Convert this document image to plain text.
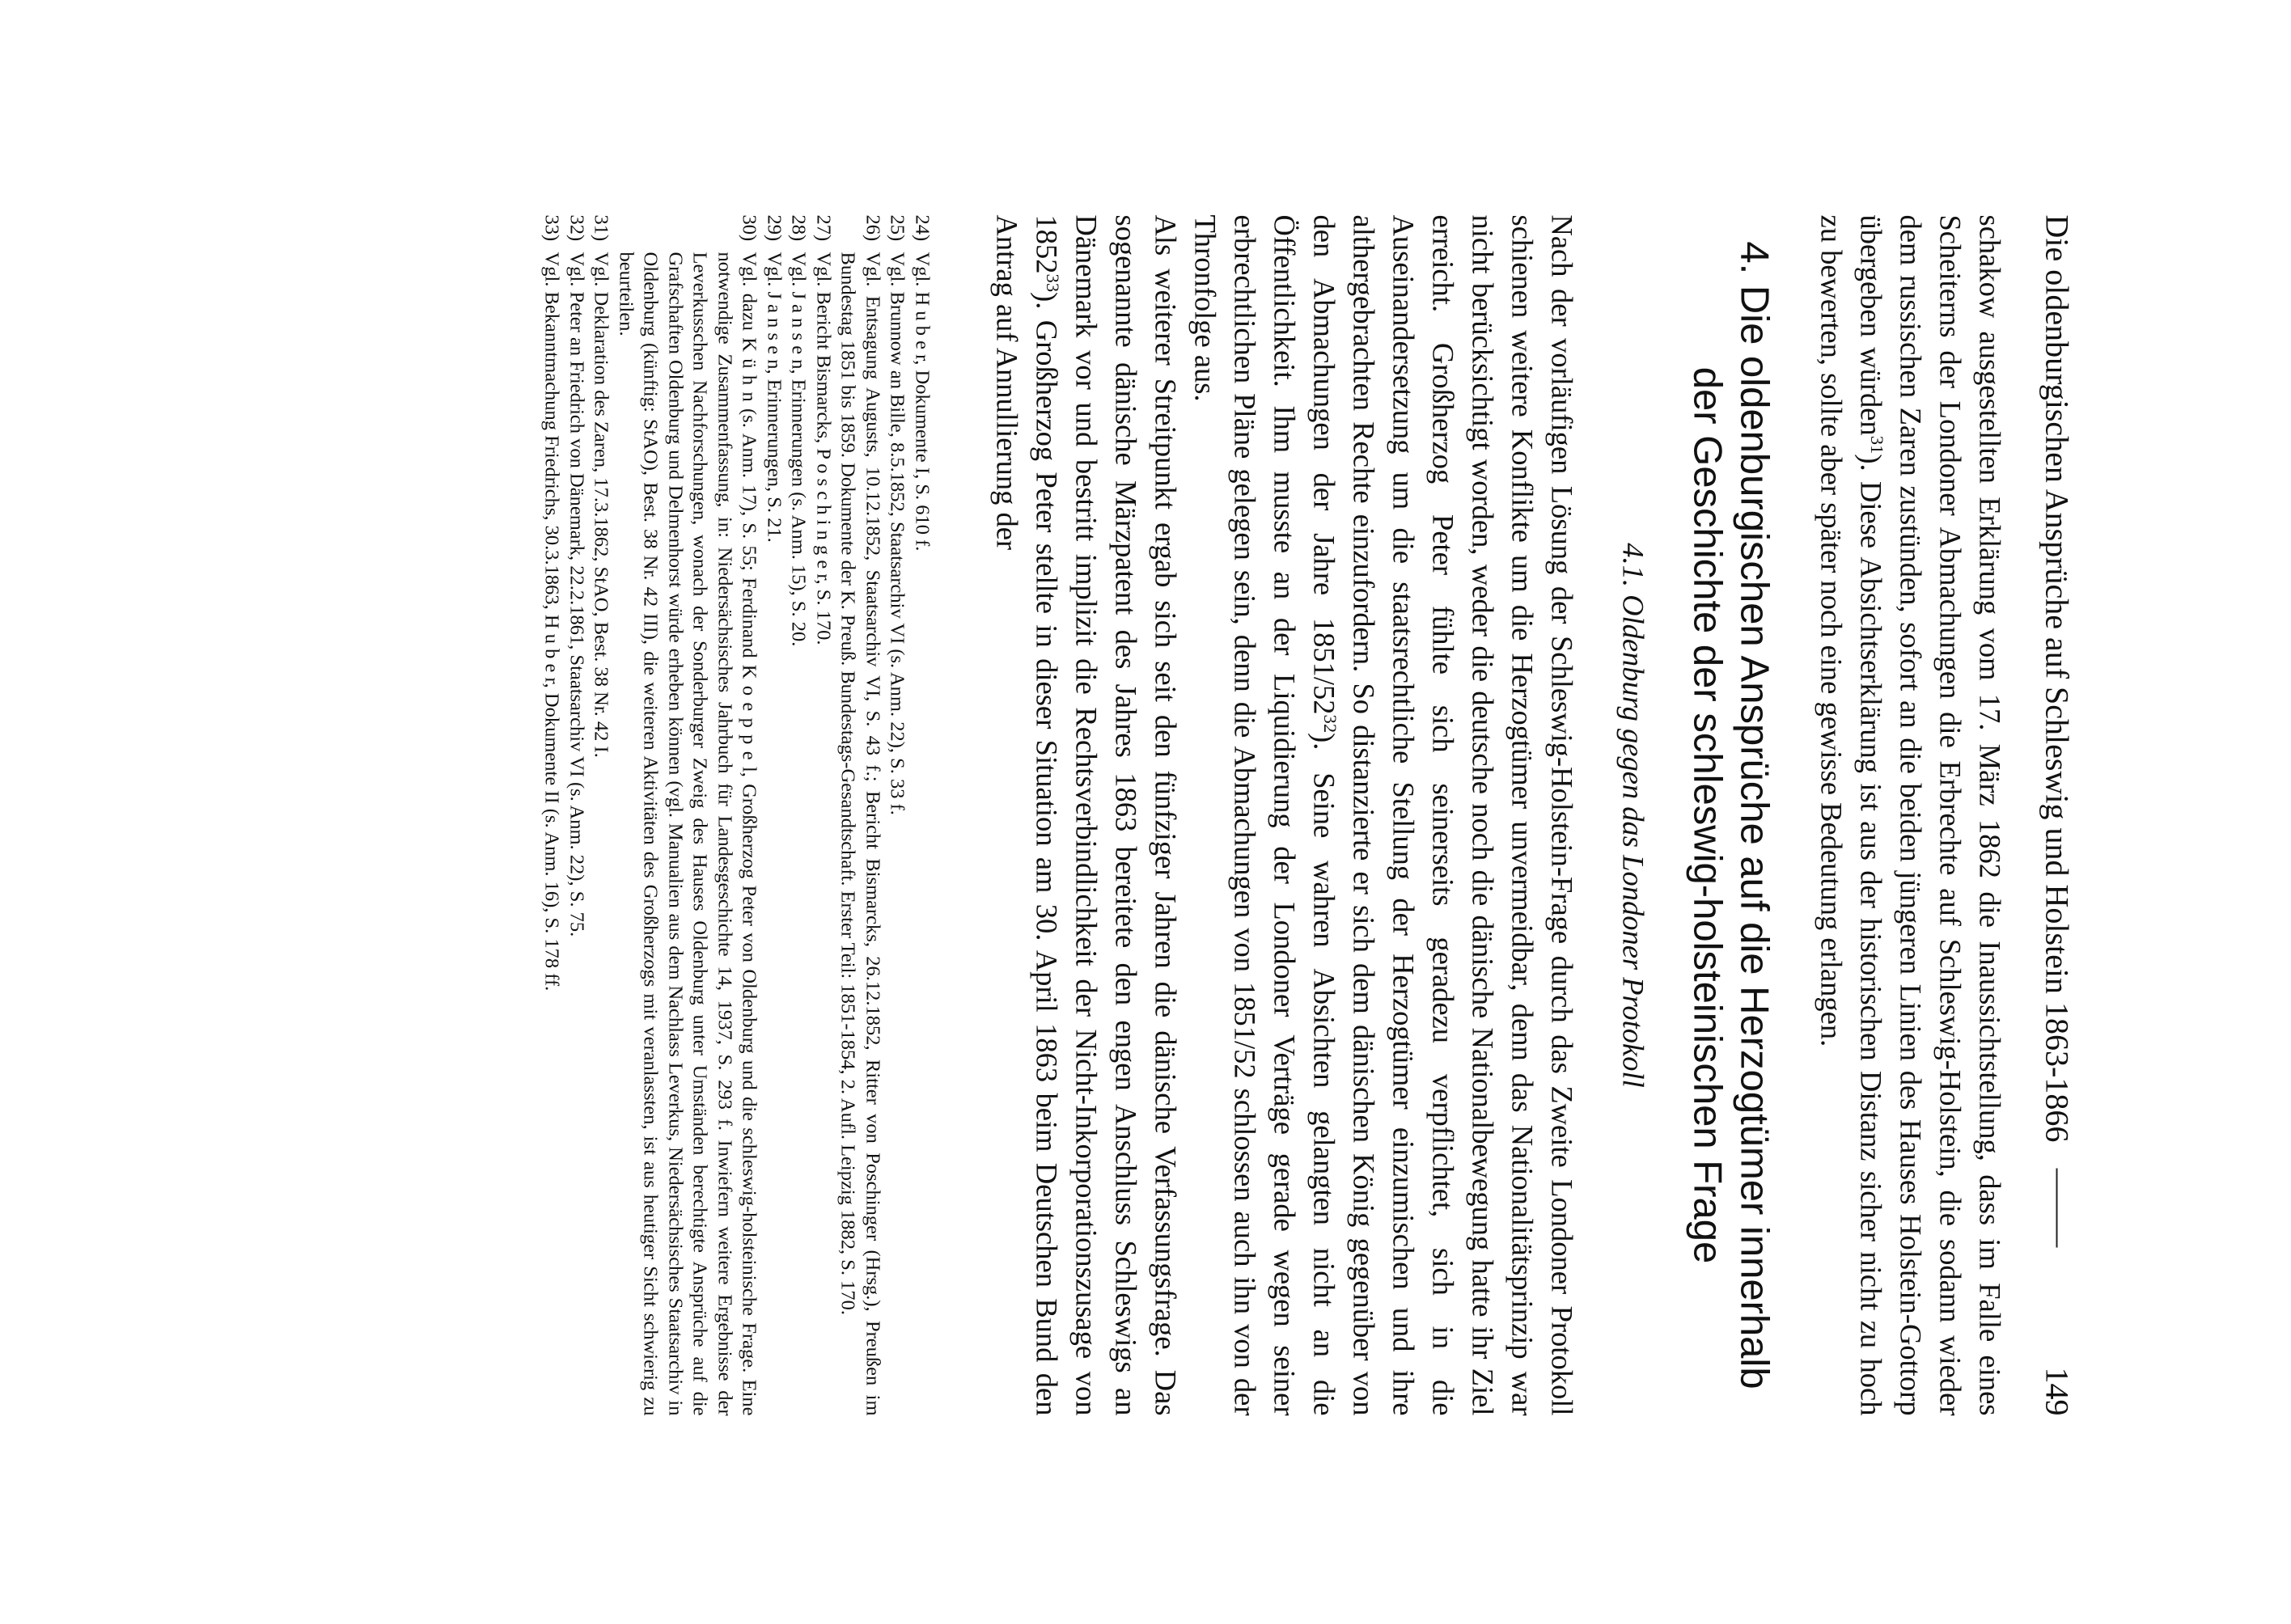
Die oldenburgischen Ansprüche auf Schleswig und Holstein 1863-1866
149

schakow ausgestellten Erklärung vom 17. März 1862 die Inaussichtstellung, dass im Falle eines Scheiterns der Londoner Abmachungen die Erbrechte auf Schleswig-Holstein, die sodann wieder dem russischen Zaren zustünden, sofort an die beiden jüngeren Linien des Hauses Holstein-Gottorp übergeben würden$^{31}$). Diese Absichtserklärung ist aus der historischen Distanz sicher nicht zu hoch zu bewerten, sollte aber später noch eine gewisse Bedeutung erlangen.

4. Die oldenburgischen Ansprüche auf die Herzogtümer innerhalb
der Geschichte der schleswig-holsteinischen Frage
4.1. Oldenburg gegen das Londoner Protokoll

Nach der vorläufigen Lösung der Schleswig-Holstein-Frage durch das Zweite Londoner Protokoll schienen weitere Konflikte um die Herzogtümer unvermeidbar, denn das Nationalitätsprinzip war nicht berücksichtigt worden, weder die deutsche noch die dänische Nationalbewegung hatte ihr Ziel erreicht. Großherzog Peter fühlte sich seinerseits geradezu verpflichtet, sich in die Auseinandersetzung um die staatsrechtliche Stellung der Herzogtümer einzumischen und ihre althergebrachten Rechte einzufordern. So distanzierte er sich dem dänischen König gegenüber von den Abmachungen der Jahre $1851/52^{32}$). Seine wahren Absichten gelangten nicht an die Öffentlichkeit. Ihm musste an der Liquidierung der Londoner Verträge gerade wegen seiner erbrechtlichen Pläne gelegen sein, denn die Abmachungen von 1851/52 schlossen auch ihn von der Thronfolge aus.

Als weiterer Streitpunkt ergab sich seit den fünfziger Jahren die dänische Verfassungsfrage. Das sogenannte dänische Märzpatent des Jahres 1863 bereitete den engen Anschluss Schleswigs an Dänemark vor und bestritt implizit die Rechtsverbindlichkeit der Nicht-Inkorporationszusage von 1852$^{33}$). Großherzog Peter stellte in dieser Situation am 30. April 1863 beim Deutschen Bund den Antrag auf Annullierung der

24)
Vgl. H u b e r, Dokumente I, S. 610 f.
25)
Vgl. Brunnow an Bille, 8.5.1852, Staatsarchiv VI (s. Anm. 22), S. 33 f.
26)
Vgl. Entsagung Augusts, 10.12.1852, Staatsarchiv VI, S. 43 f.; Bericht Bismarcks, 26.12.1852, Ritter von Poschinger (Hrsg.), Preußen im Bundestag 1851 bis 1859. Dokumente der K. Preuß. Bundestags-Gesandtschaft. Erster Teil: 1851-1854, 2. Aufl. Leipzig 1882, S. 170.
27)
Vgl. Bericht Bismarcks, P o s c h i n g e r, S. 170.
28)
Vgl. J a n s e n, Erinnerungen (s. Anm. 15), S. 20.
29)
Vgl. J a n s e n, Erinnerungen, S. 21.
30)
Vgl. dazu K ü h n (s. Anm. 17), S. 55; Ferdinand K o e p p e l, Großherzog Peter von Oldenburg und die schleswig-holsteinische Frage. Eine notwendige Zusammenfassung, in: Niedersächsisches Jahrbuch für Landesgeschichte 14, 1937, S. 293 f. Inwiefern weitere Ergebnisse der Leverkusschen Nachforschungen, wonach der Sonderburger Zweig des Hauses Oldenburg unter Umständen berechtigte Ansprüche auf die Grafschaften Oldenburg und Delmenhorst würde erheben können (vgl. Manualien aus dem Nachlass Leverkus, Niedersächsisches Staatsarchiv in Oldenburg (künftig: StAO), Best. 38 Nr. 42 III), die weiteren Aktivitäten des Großherzogs mit veranlassten, ist aus heutiger Sicht schwierig zu beurteilen.
31)
Vgl. Deklaration des Zaren, 17.3.1862, StAO, Best. 38 Nr. 42 I.
32)
Vgl. Peter an Friedrich von Dänemark, 22.2.1861, Staatsarchiv VI (s. Anm. 22), S. 75.
33)
Vgl. Bekanntmachung Friedrichs, 30.3.1863, H u b e r, Dokumente II (s. Anm. 16), S. 178 ff.
